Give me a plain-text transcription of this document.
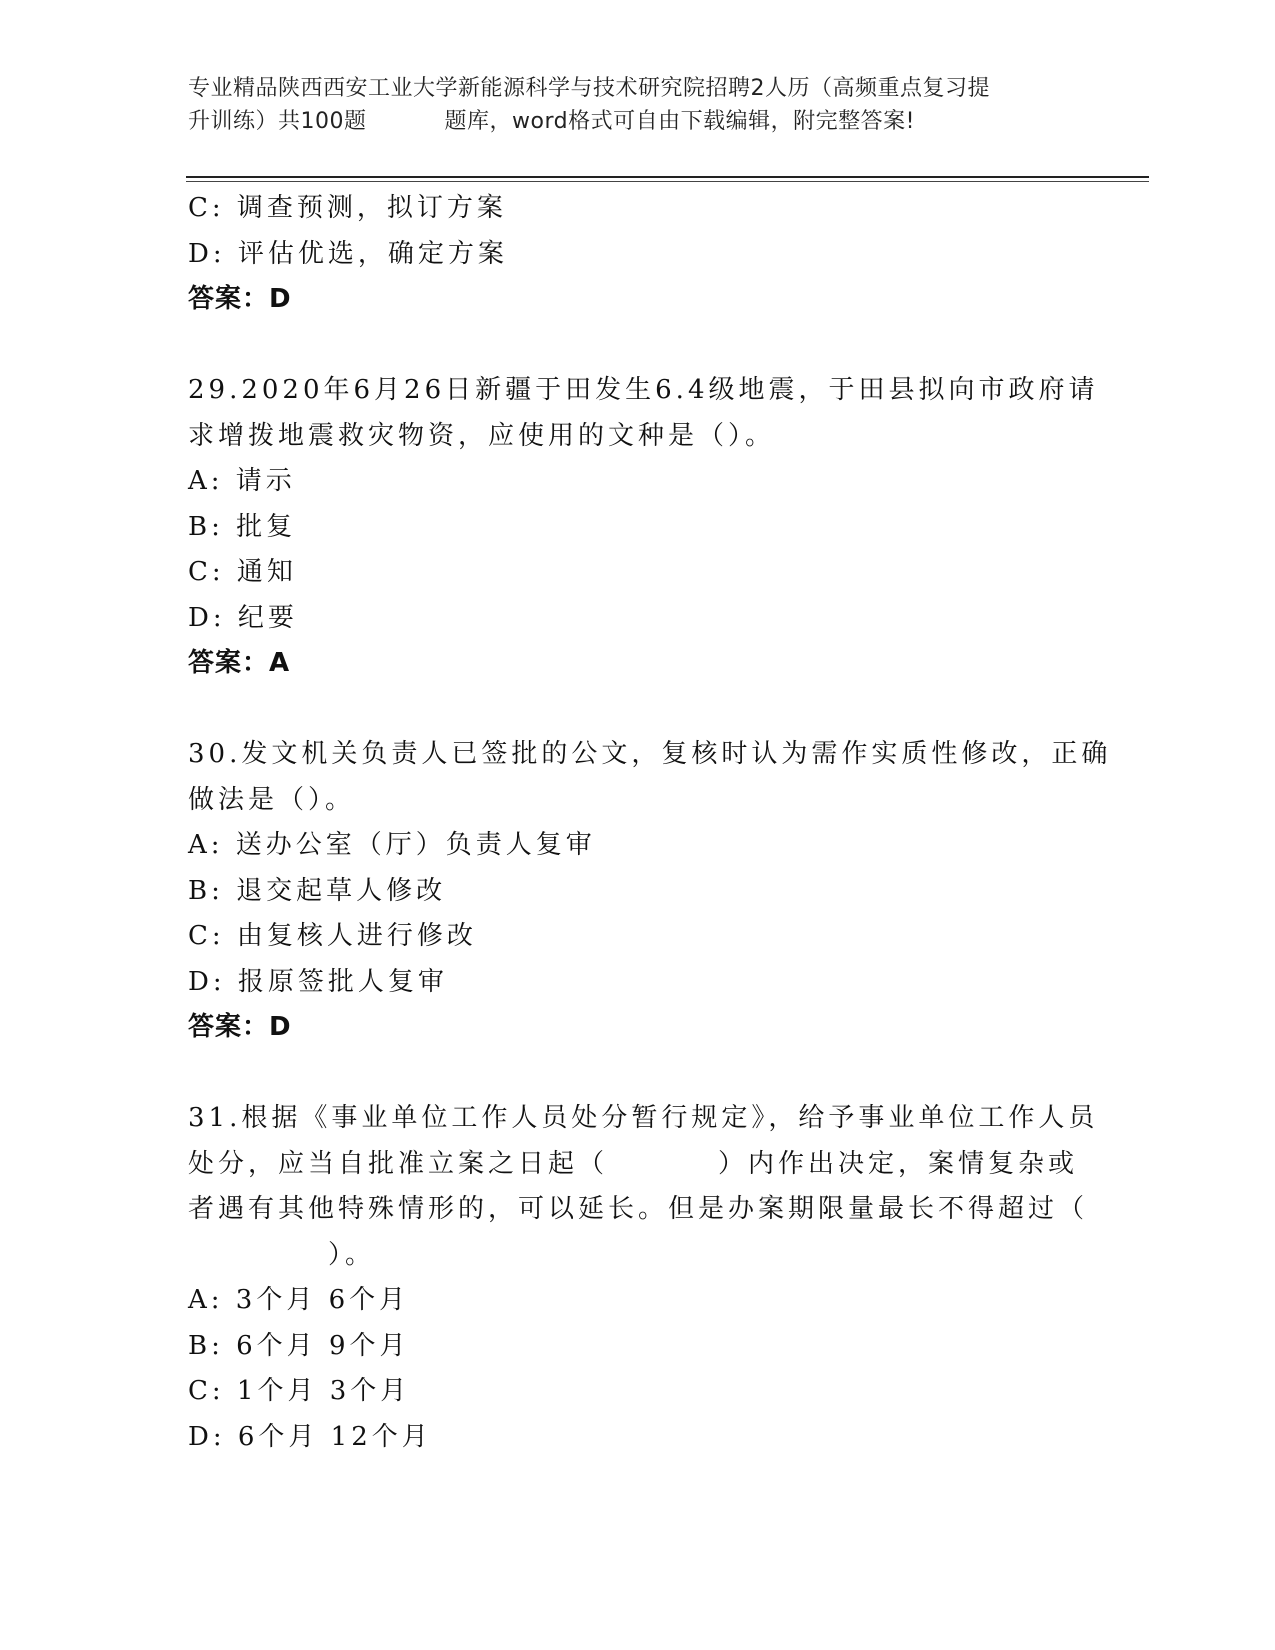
专业精品陕西西安工业大学新能源科学与技术研究院招聘2人历（高频重点复习提
升训练）共100题	题库，word格式可自由下载编辑，附完整答案!
C: 调查预测，拟订方案
D: 评估优选，确定方案
答案：D
29.2020年6月26日新疆于田发生6.4级地震，于田县拟向市政府请
求增拨地震救灾物资，应使用的文种是（）。
A: 请示
B: 批复
C: 通知
D: 纪要
答案：A
30.发文机关负责人已签批的公文，复核时认为需作实质性修改，正确
做法是（）。
A: 送办公室（厅）负责人复审
B: 退交起草人修改
C: 由复核人进行修改
D: 报原签批人复审
答案：D
31.根据《事业单位工作人员处分暂行规定》，给予事业单位工作人员
处分，应当自批准立案之日起（	）内作出决定，案情复杂或
者遇有其他特殊情形的，可以延长。但是办案期限量最长不得超过（
）。
A: 3个月 6个月
B: 6个月 9个月
C: 1个月 3个月
D: 6个月 12个月
